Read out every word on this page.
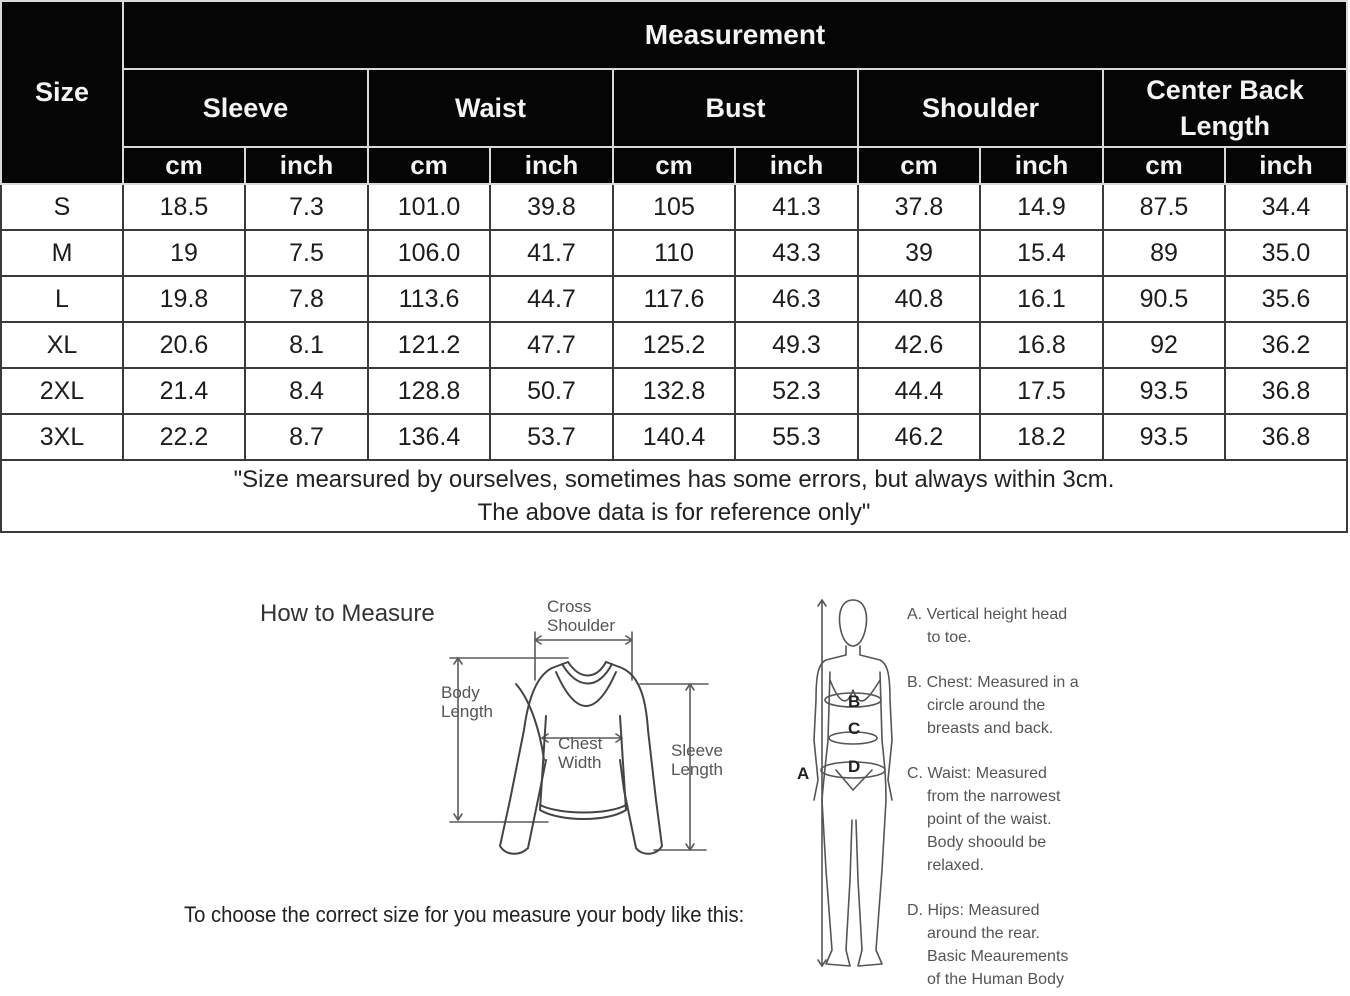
Size	Measurement									
	Sleeve		Waist		Bust		Shoulder		Center Back Length	
	cm	inch	cm	inch	cm	inch	cm	inch	cm	inch
S	18.5	7.3	101.0	39.8	105	41.3	37.8	14.9	87.5	34.4
M	19	7.5	106.0	41.7	110	43.3	39	15.4	89	35.0
L	19.8	7.8	113.6	44.7	117.6	46.3	40.8	16.1	90.5	35.6
XL	20.6	8.1	121.2	47.7	125.2	49.3	42.6	16.8	92	36.2
2XL	21.4	8.4	128.8	50.7	132.8	52.3	44.4	17.5	93.5	36.8
3XL	22.2	8.7	136.4	53.7	140.4	55.3	46.2	18.2	93.5	36.8
"Size mearsured by ourselves, sometimes has some errors, but always within 3cm.
The above data is for reference only"										
How to Measure	Cross
Shoulder
Body
Length
Chest
Width
Sleeve
Length
To choose the correct size for you measure your body like this:
A
B
C
D
A. Vertical height head
to toe.
B. Chest: Measured in a
circle around the
breasts and back.
C. Waist: Measured
from the narrowest
point of the waist.
Body shoould be
relaxed.
D. Hips: Measured
around the rear.
Basic Meaurements
of the Human Body
